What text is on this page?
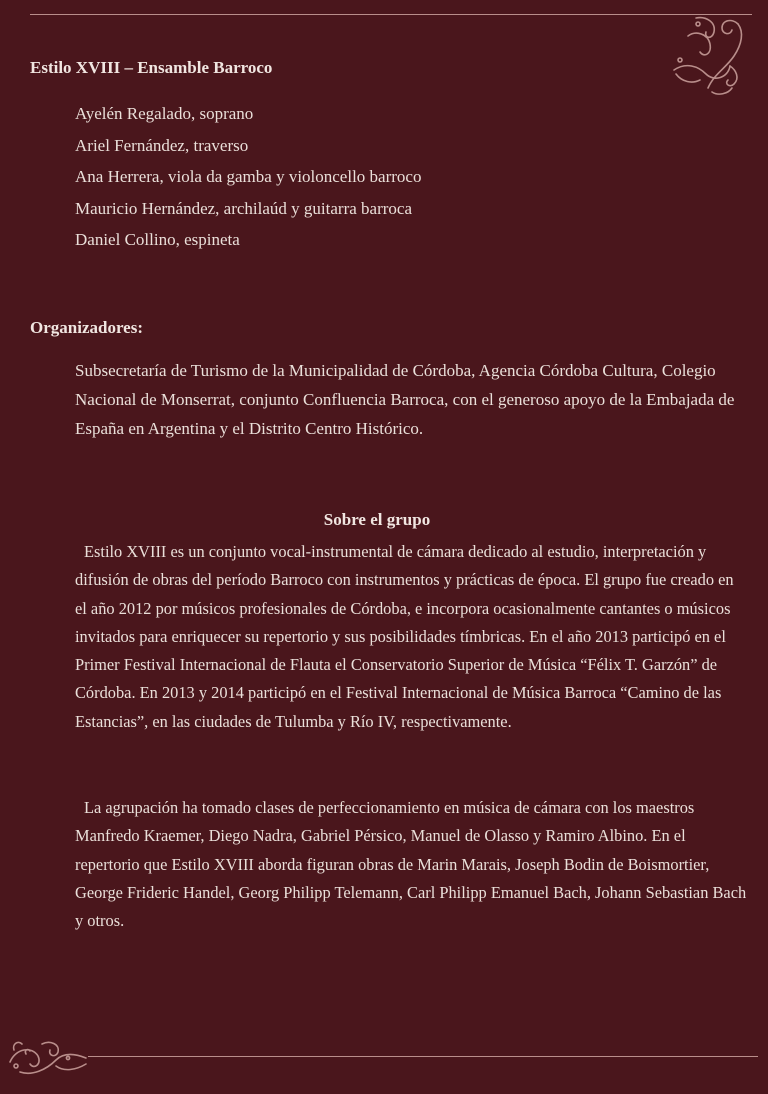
Estilo XVIII – Ensamble Barroco
Ayelén Regalado, soprano
Ariel Fernández, traverso
Ana Herrera, viola da gamba y violoncello barroco
Mauricio Hernández, archilaúd y guitarra barroca
Daniel Collino, espineta
Organizadores:

Subsecretaría de Turismo de la Municipalidad de Córdoba, Agencia Córdoba Cultura, Colegio Nacional de Monserrat, conjunto Confluencia Barroca, con el generoso apoyo de la Embajada de España en Argentina y el Distrito Centro Histórico.

Sobre el grupo

Estilo XVIII es un conjunto vocal-instrumental de cámara dedicado al estudio, interpretación y difusión de obras del período Barroco con instrumentos y prácticas de época. El grupo fue creado en el año 2012 por músicos profesionales de Córdoba, e incorpora ocasionalmente cantantes o músicos invitados para enriquecer su repertorio y sus posibilidades tímbricas. En el año 2013 participó en el Primer Festival Internacional de Flauta el Conservatorio Superior de Música “Félix T. Garzón” de Córdoba. En 2013 y 2014 participó en el Festival Internacional de Música Barroca “Camino de las Estancias”, en las ciudades de Tulumba y Río IV, respectivamente.

La agrupación ha tomado clases de perfeccionamiento en música de cámara con los maestros Manfredo Kraemer, Diego Nadra, Gabriel Pérsico, Manuel de Olasso y Ramiro Albino. En el repertorio que Estilo XVIII aborda figuran obras de Marin Marais, Joseph Bodin de Boismortier, George Frideric Handel, Georg Philipp Telemann, Carl Philipp Emanuel Bach, Johann Sebastian Bach y otros.
